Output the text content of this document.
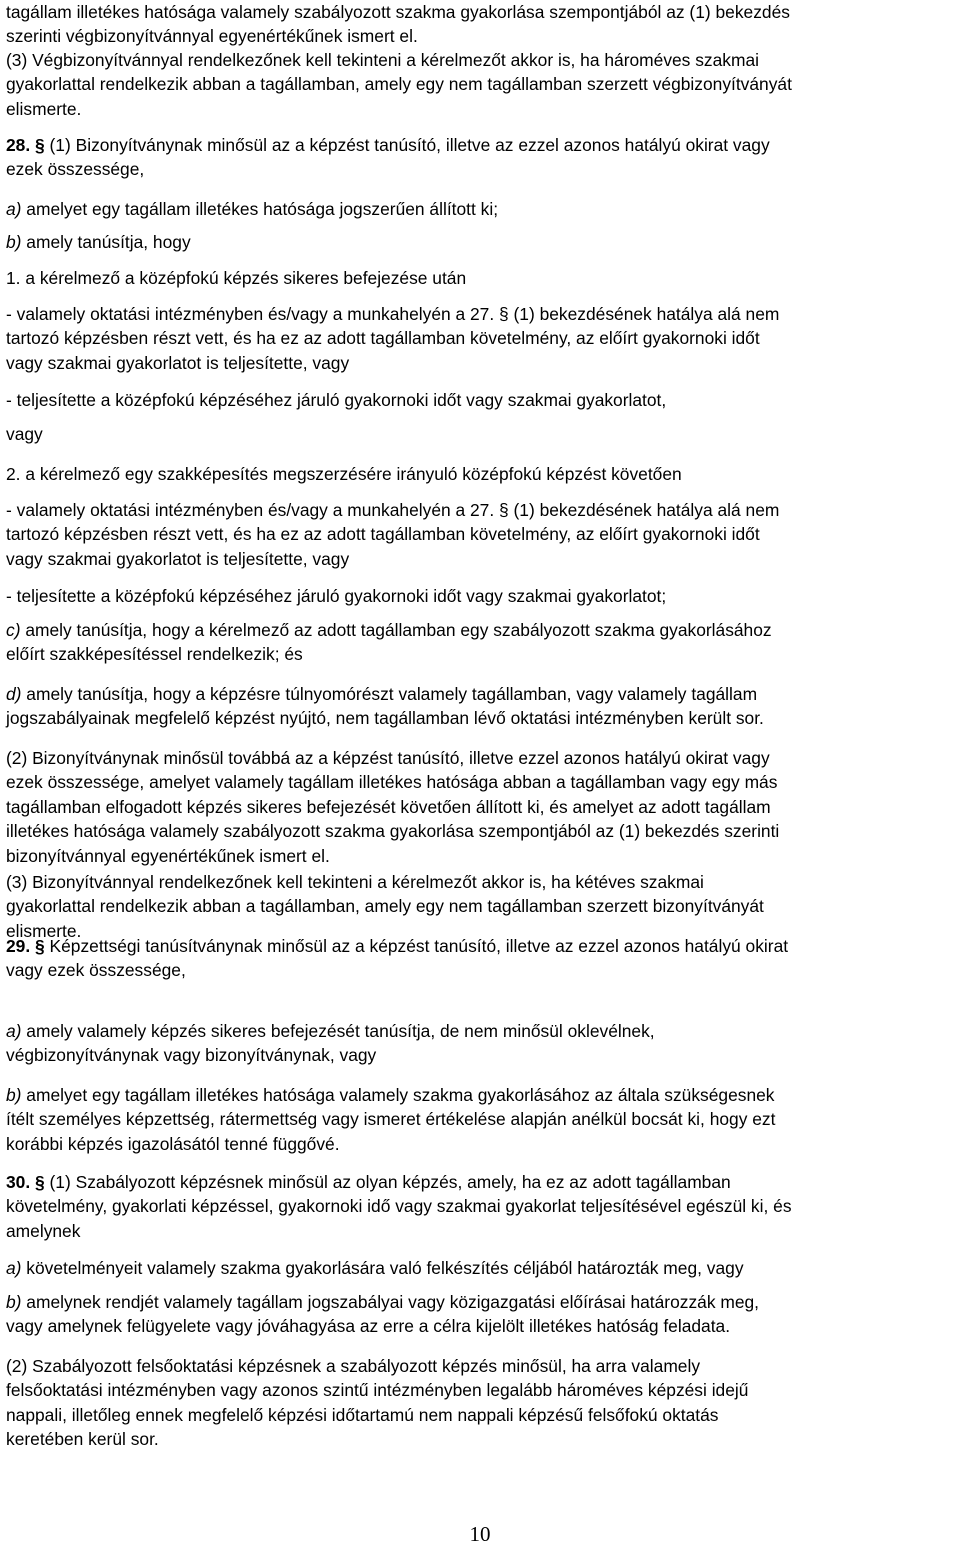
tagállam illetékes hatósága valamely szabályozott szakma gyakorlása szempontjából az (1) bekezdés
szerinti végbizonyítvánnyal egyenértékűnek ismert el.
(3) Végbizonyítvánnyal rendelkezőnek kell tekinteni a kérelmezőt akkor is, ha hároméves szakmai
gyakorlattal rendelkezik abban a tagállamban, amely egy nem tagállamban szerzett végbizonyítványát
elismerte.
28. § (1) Bizonyítványnak minősül az a képzést tanúsító, illetve az ezzel azonos hatályú okirat vagy
ezek összessége,
a) amelyet egy tagállam illetékes hatósága jogszerűen állított ki;
b) amely tanúsítja, hogy
1. a kérelmező a középfokú képzés sikeres befejezése után
- valamely oktatási intézményben és/vagy a munkahelyén a 27. § (1) bekezdésének hatálya alá nem
tartozó képzésben részt vett, és ha ez az adott tagállamban követelmény, az előírt gyakornoki időt
vagy szakmai gyakorlatot is teljesítette, vagy
- teljesítette a középfokú képzéséhez járuló gyakornoki időt vagy szakmai gyakorlatot,
vagy
2. a kérelmező egy szakképesítés megszerzésére irányuló középfokú képzést követően
- valamely oktatási intézményben és/vagy a munkahelyén a 27. § (1) bekezdésének hatálya alá nem
tartozó képzésben részt vett, és ha ez az adott tagállamban követelmény, az előírt gyakornoki időt
vagy szakmai gyakorlatot is teljesítette, vagy
- teljesítette a középfokú képzéséhez járuló gyakornoki időt vagy szakmai gyakorlatot;
c) amely tanúsítja, hogy a kérelmező az adott tagállamban egy szabályozott szakma gyakorlásához
előírt szakképesítéssel rendelkezik; és
d) amely tanúsítja, hogy a képzésre túlnyomórészt valamely tagállamban, vagy valamely tagállam
jogszabályainak megfelelő képzést nyújtó, nem tagállamban lévő oktatási intézményben került sor.
(2) Bizonyítványnak minősül továbbá az a képzést tanúsító, illetve ezzel azonos hatályú okirat vagy
ezek összessége, amelyet valamely tagállam illetékes hatósága abban a tagállamban vagy egy más
tagállamban elfogadott képzés sikeres befejezését követően állított ki, és amelyet az adott tagállam
illetékes hatósága valamely szabályozott szakma gyakorlása szempontjából az (1) bekezdés szerinti
bizonyítvánnyal egyenértékűnek ismert el.
(3) Bizonyítvánnyal rendelkezőnek kell tekinteni a kérelmezőt akkor is, ha kétéves szakmai
gyakorlattal rendelkezik abban a tagállamban, amely egy nem tagállamban szerzett bizonyítványát
elismerte.
29. § Képzettségi tanúsítványnak minősül az a képzést tanúsító, illetve az ezzel azonos hatályú okirat
vagy ezek összessége,
a) amely valamely képzés sikeres befejezését tanúsítja, de nem minősül oklevélnek,
végbizonyítványnak vagy bizonyítványnak, vagy
b) amelyet egy tagállam illetékes hatósága valamely szakma gyakorlásához az általa szükségesnek
ítélt személyes képzettség, rátermettség vagy ismeret értékelése alapján anélkül bocsát ki, hogy ezt
korábbi képzés igazolásától tenné függővé.
30. § (1) Szabályozott képzésnek minősül az olyan képzés, amely, ha ez az adott tagállamban
követelmény, gyakorlati képzéssel, gyakornoki idő vagy szakmai gyakorlat teljesítésével egészül ki, és
amelynek
a) követelményeit valamely szakma gyakorlására való felkészítés céljából határozták meg, vagy
b) amelynek rendjét valamely tagállam jogszabályai vagy közigazgatási előírásai határozzák meg,
vagy amelynek felügyelete vagy jóváhagyása az erre a célra kijelölt illetékes hatóság feladata.
(2) Szabályozott felsőoktatási képzésnek a szabályozott képzés minősül, ha arra valamely
felsőoktatási intézményben vagy azonos szintű intézményben legalább hároméves képzési idejű
nappali, illetőleg ennek megfelelő képzési időtartamú nem nappali képzésű felsőfokú oktatás
keretében kerül sor.
10
